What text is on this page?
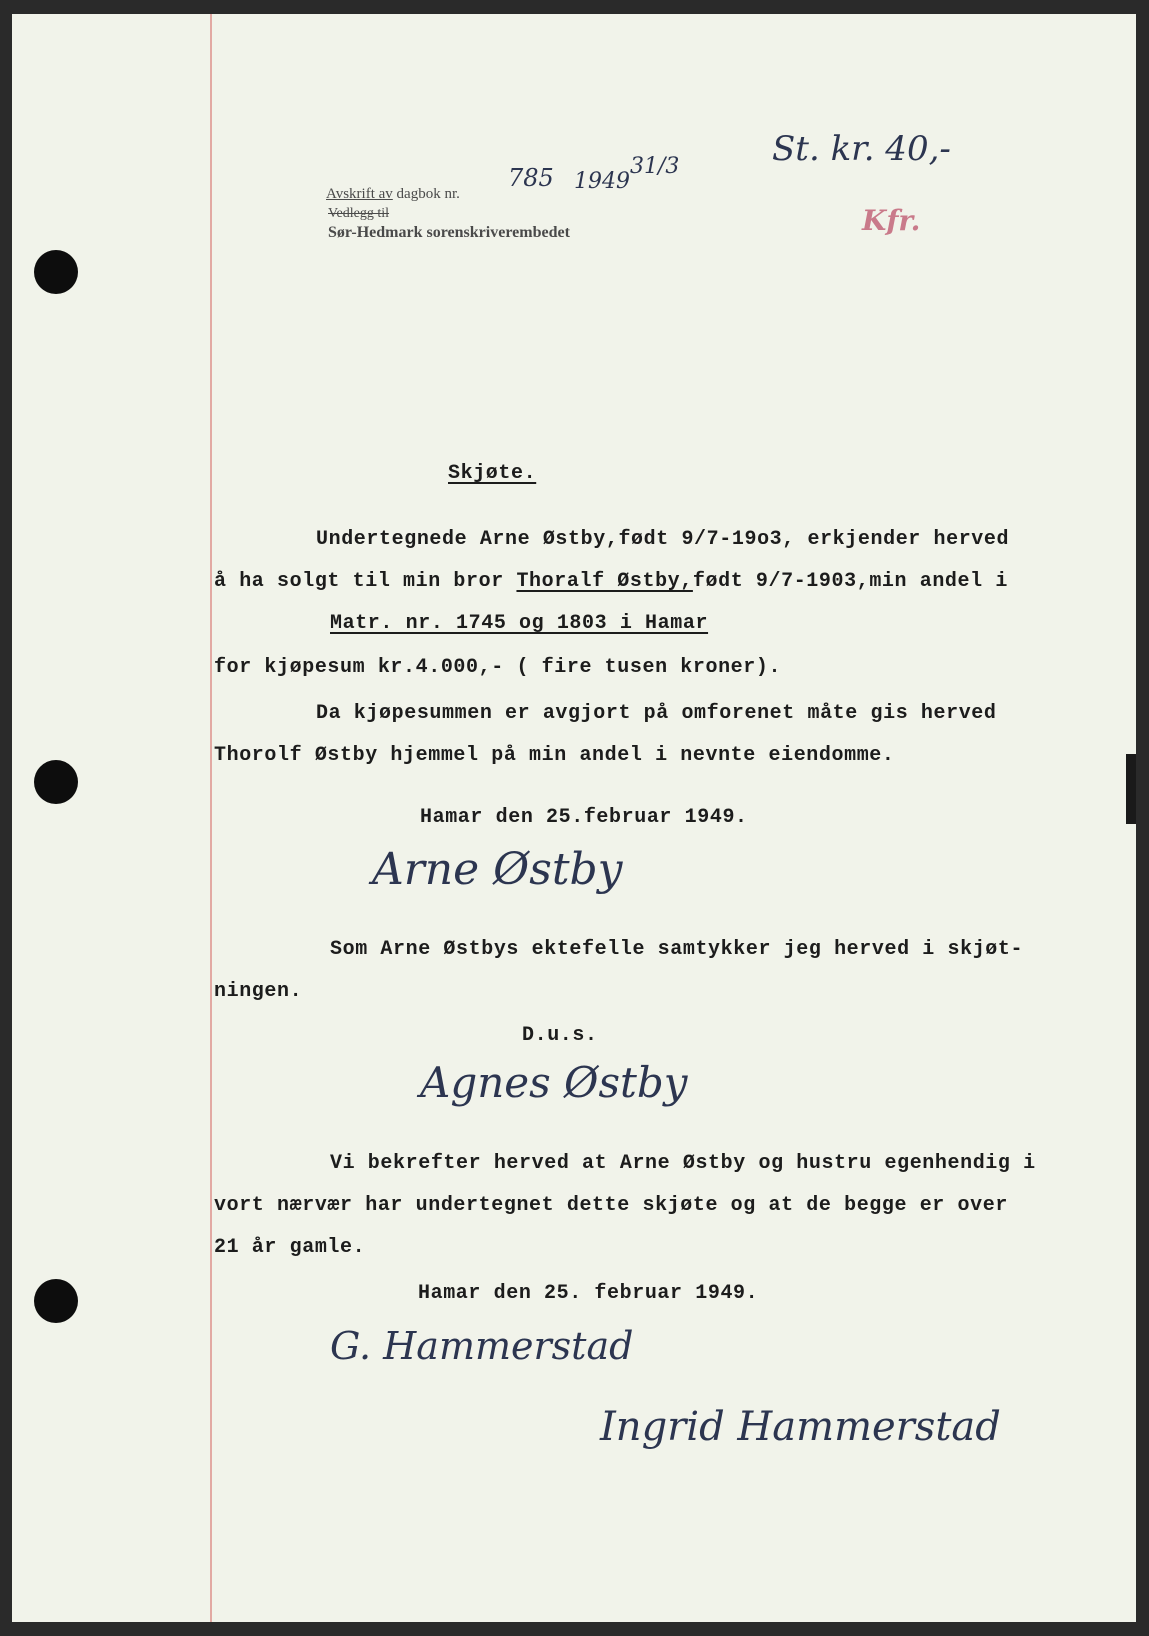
Avskrift av dagbok nr.
785 1949
31/3
Vedlegg til
Sør-Hedmark sorenskriverembedet
St. kr. 40,-
Kfr.
Skjøte.
Undertegnede Arne Østby,født 9/7-19o3, erkjender herved
å ha solgt til min bror Thoralf Østby,født 9/7-1903,min andel i
Matr. nr. 1745 og 1803 i Hamar
for kjøpesum kr.4.000,- ( fire tusen kroner).
Da kjøpesummen er avgjort på omforenet måte gis herved
Thorolf Østby hjemmel på min andel i nevnte eiendomme.
Hamar den 25.februar 1949.
Arne Østby
Som Arne Østbys ektefelle samtykker jeg herved i skjøt-
ningen.
D.u.s.
Agnes Østby
Vi bekrefter herved at Arne Østby og hustru egenhendig i
vort nærvær har undertegnet dette skjøte og at de begge er over
21 år gamle.
Hamar den 25. februar 1949.
G. Hammerstad
Ingrid Hammerstad
